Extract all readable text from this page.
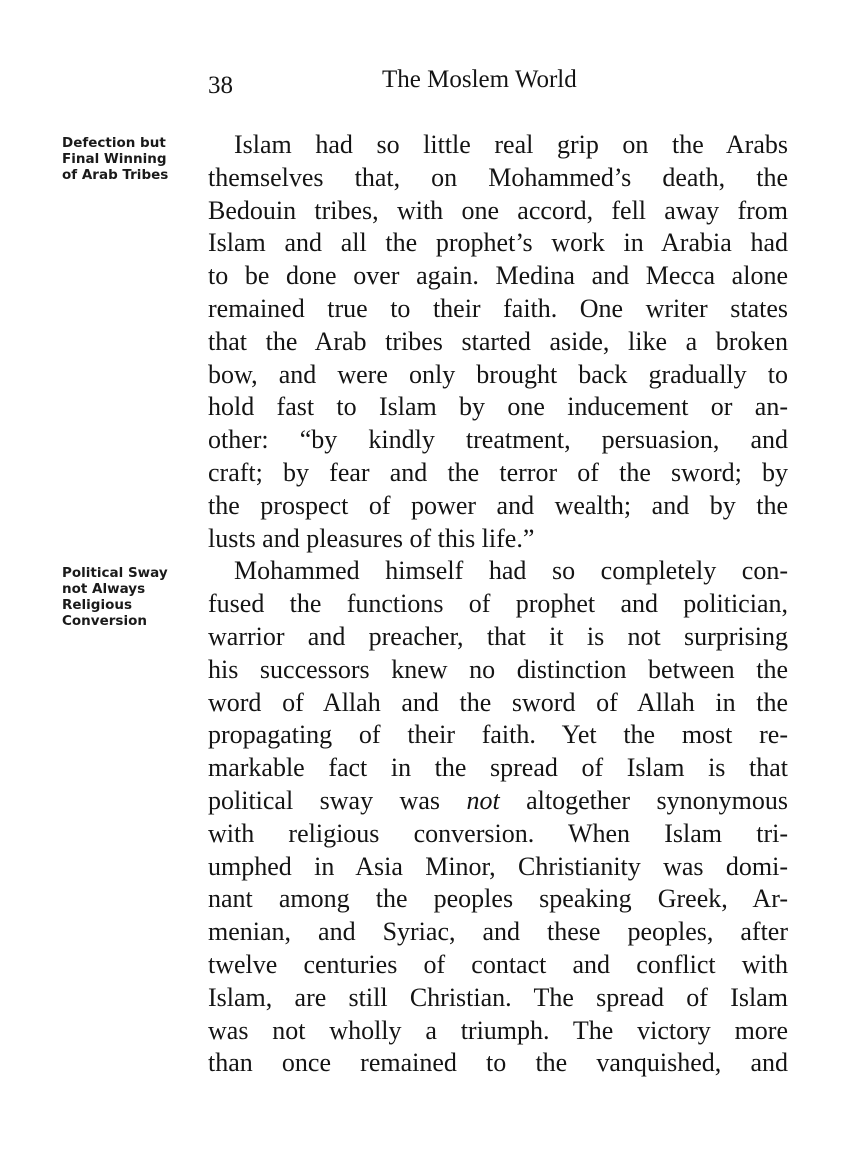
38	The Moslem World
Defection but
Final Winning
of Arab Tribes
Political Sway
not Always
Religious
Conversion
Islam had so little real grip on the Arabs
themselves that, on Mohammed’s death, the
Bedouin tribes, with one accord, fell away from
Islam and all the prophet’s work in Arabia had
to be done over again. Medina and Mecca alone
remained true to their faith. One writer states
that the Arab tribes started aside, like a broken
bow, and were only brought back gradually to
hold fast to Islam by one inducement or an-
other: “by kindly treatment, persuasion, and
craft; by fear and the terror of the sword; by
the prospect of power and wealth; and by the
lusts and pleasures of this life.”
Mohammed himself had so completely con-
fused the functions of prophet and politician,
warrior and preacher, that it is not surprising
his successors knew no distinction between the
word of Allah and the sword of Allah in the
propagating of their faith. Yet the most re-
markable fact in the spread of Islam is that
political sway was not altogether synonymous
with religious conversion. When Islam tri-
umphed in Asia Minor, Christianity was domi-
nant among the peoples speaking Greek, Ar-
menian, and Syriac, and these peoples, after
twelve centuries of contact and conflict with
Islam, are still Christian. The spread of Islam
was not wholly a triumph. The victory more
than once remained to the vanquished, and
